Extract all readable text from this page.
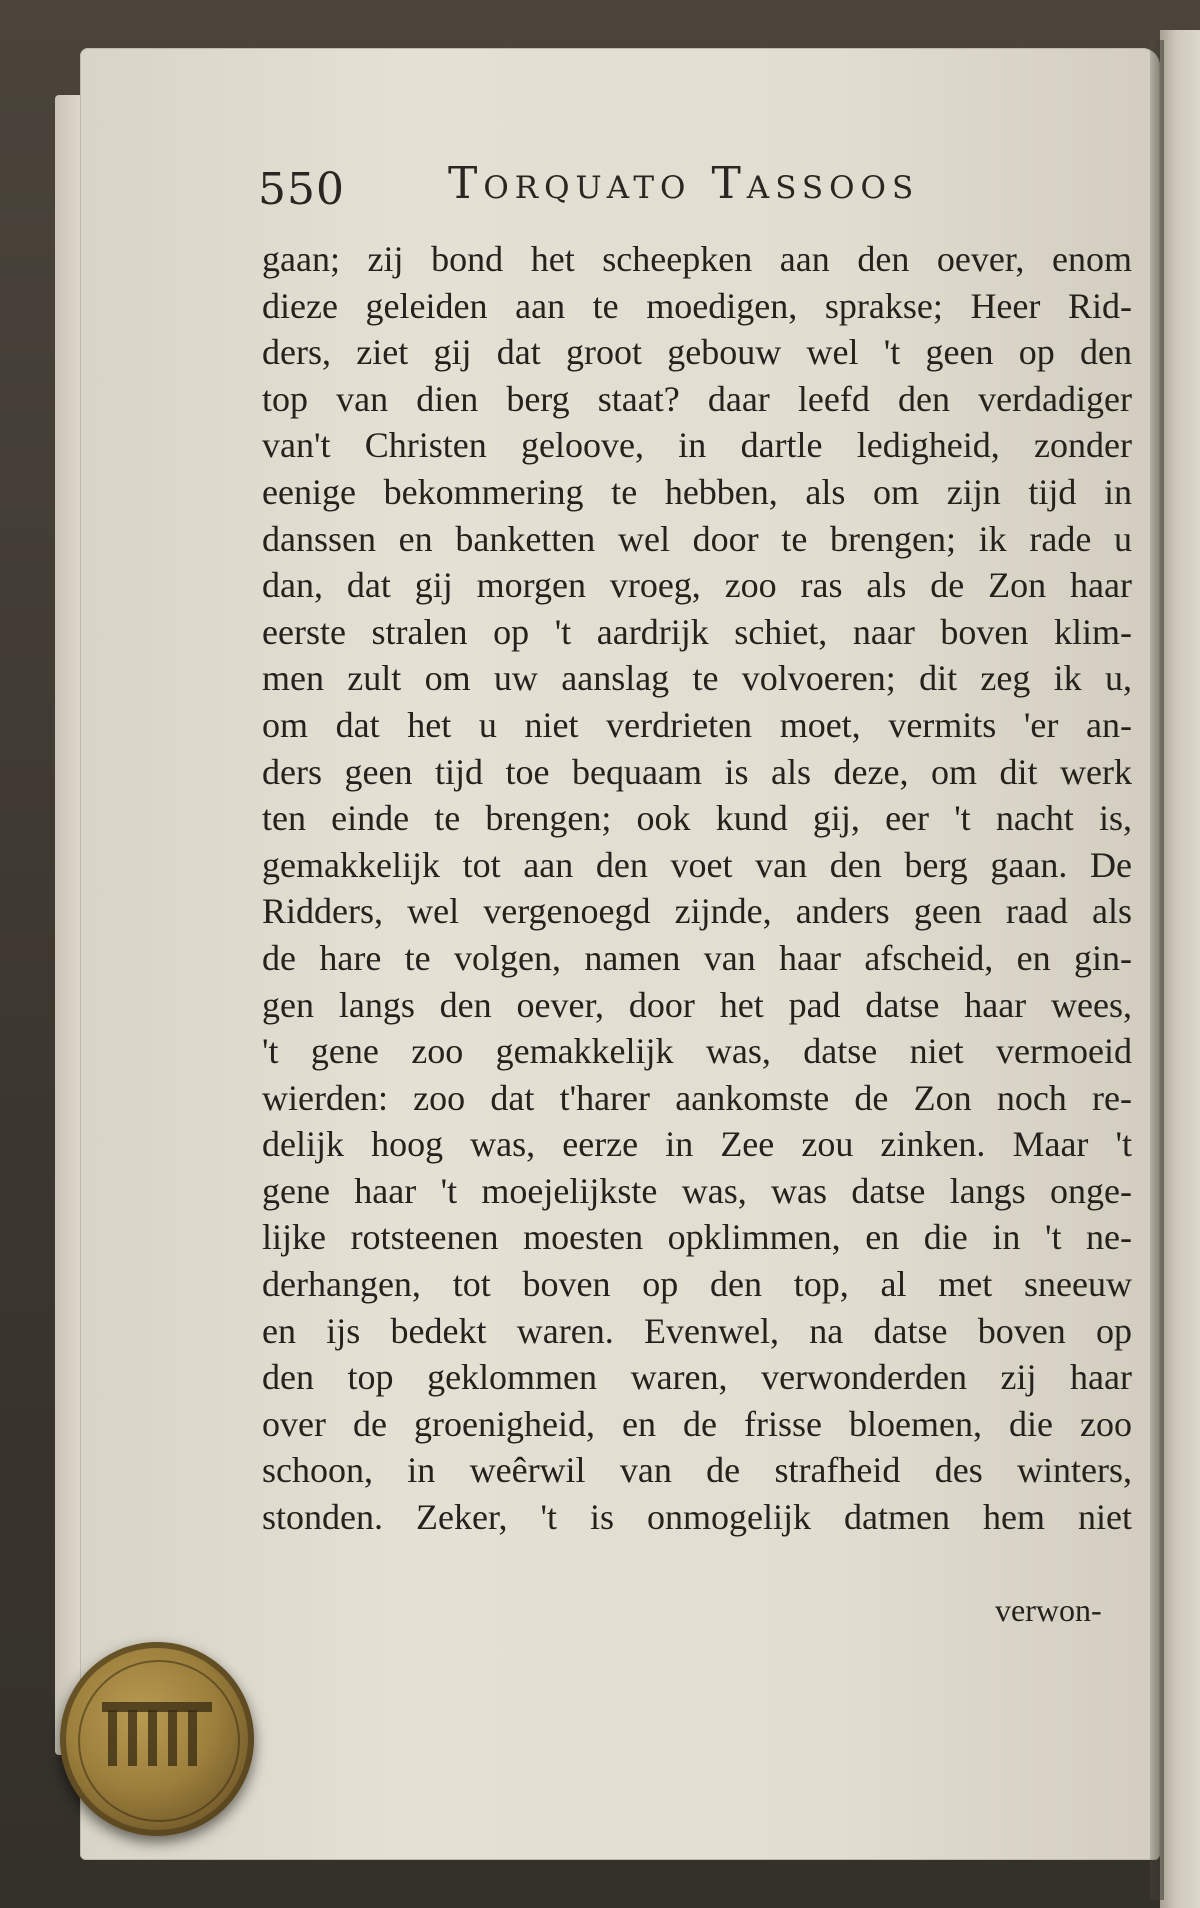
550 Torquato Tassoos
gaan; zij bond het scheepken aan den oever, enom
dieze geleiden aan te moedigen, sprakse; Heer Rid-
ders, ziet gij dat groot gebouw wel 't geen op den
top van dien berg staat? daar leefd den verdadiger
van't Christen geloove, in dartle ledigheid, zonder
eenige bekommering te hebben, als om zijn tijd in
danssen en banketten wel door te brengen; ik rade u
dan, dat gij morgen vroeg, zoo ras als de Zon haar
eerste stralen op 't aardrijk schiet, naar boven klim-
men zult om uw aanslag te volvoeren; dit zeg ik u,
om dat het u niet verdrieten moet, vermits 'er an-
ders geen tijd toe bequaam is als deze, om dit werk
ten einde te brengen; ook kund gij, eer 't nacht is,
gemakkelijk tot aan den voet van den berg gaan. De
Ridders, wel vergenoegd zijnde, anders geen raad als
de hare te volgen, namen van haar afscheid, en gin-
gen langs den oever, door het pad datse haar wees,
't gene zoo gemakkelijk was, datse niet vermoeid
wierden: zoo dat t'harer aankomste de Zon noch re-
delijk hoog was, eerze in Zee zou zinken. Maar 't
gene haar 't moejelijkste was, was datse langs onge-
lijke rotsteenen moesten opklimmen, en die in 't ne-
derhangen, tot boven op den top, al met sneeuw
en ijs bedekt waren. Evenwel, na datse boven op
den top geklommen waren, verwonderden zij haar
over de groenigheid, en de frisse bloemen, die zoo
schoon, in weêrwil van de strafheid des winters,
stonden. Zeker, 't is onmogelijk datmen hem niet
verwon-
